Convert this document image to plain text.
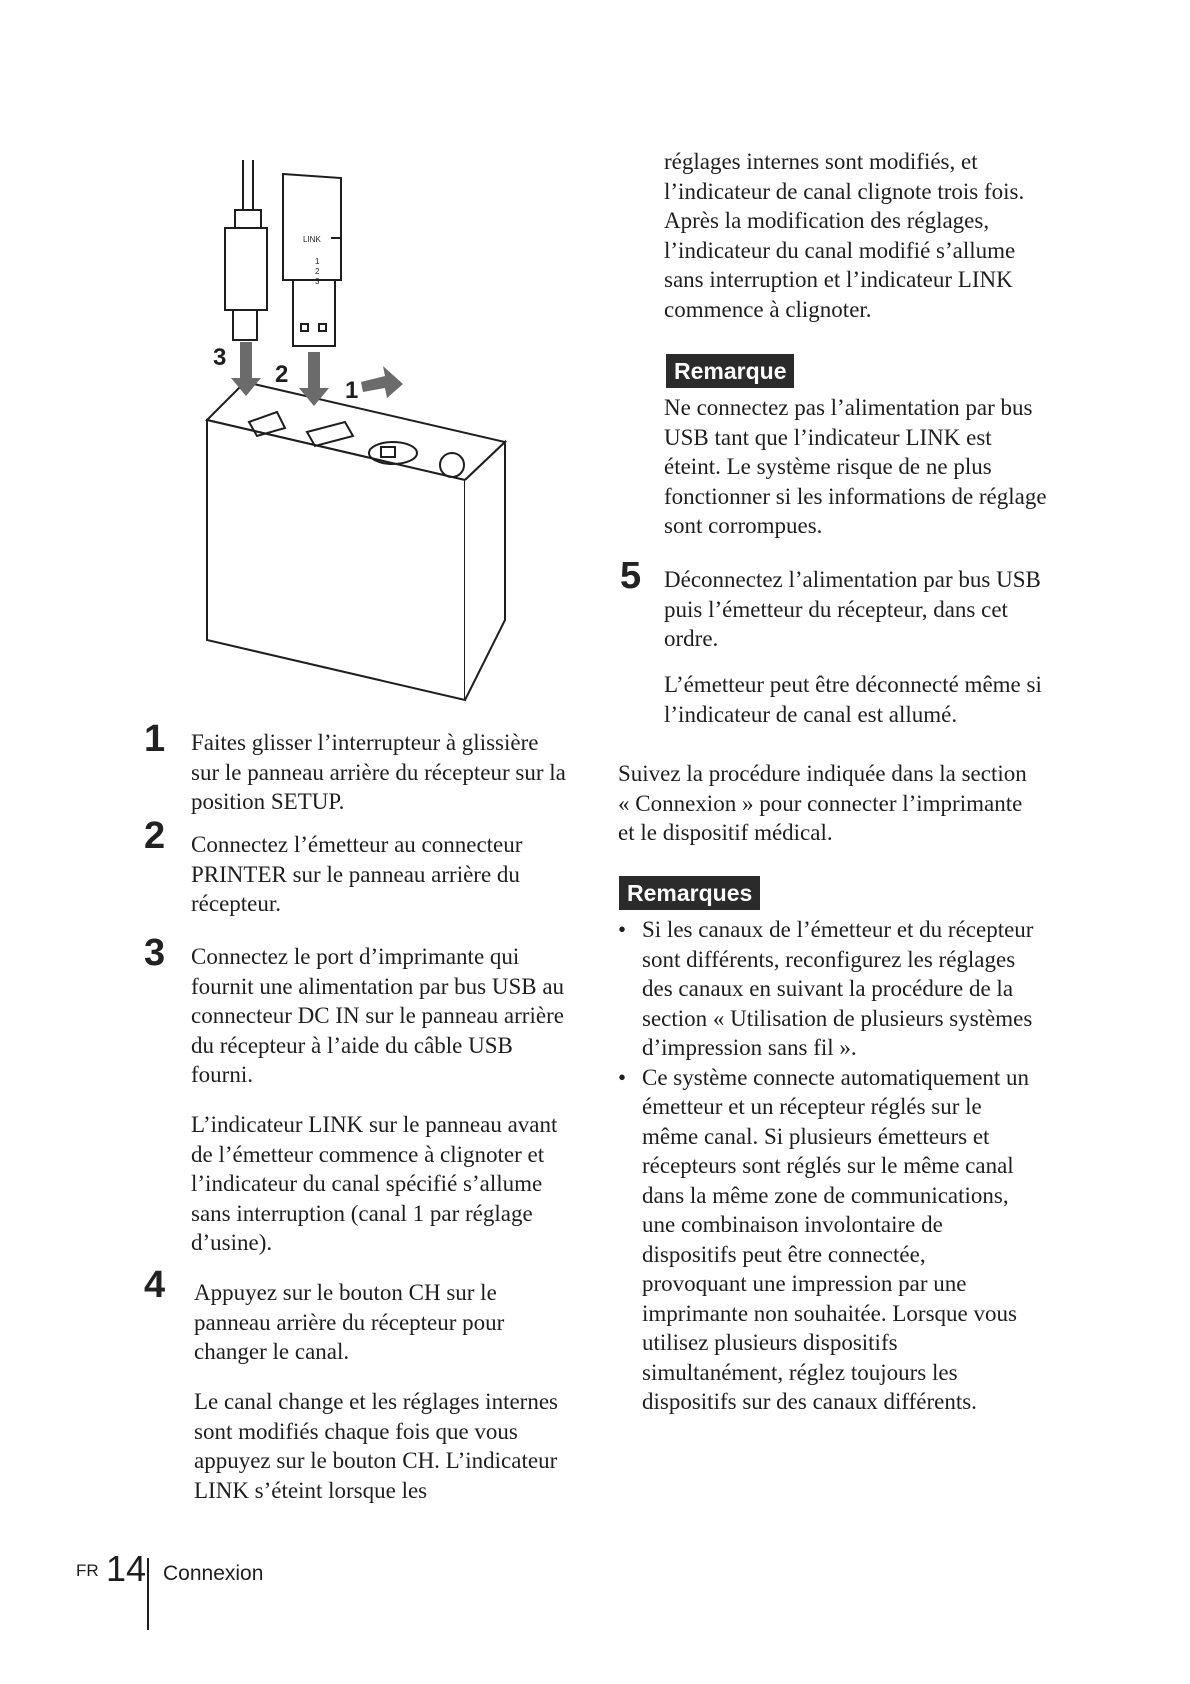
LINK
1
2
3
3
2
1
1 Faites glisser l’interrupteur à glissière sur le panneau arrière du récepteur sur la position SETUP.

2 Connectez l’émetteur au connecteur PRINTER sur le panneau arrière du récepteur.

3 Connectez le port d’imprimante qui fournit une alimentation par bus USB au connecteur DC IN sur le panneau arrière du récepteur à l’aide du câble USB fourni.

L’indicateur LINK sur le panneau avant de l’émetteur commence à clignoter et l’indicateur du canal spécifié s’allume sans interruption (canal 1 par réglage d’usine).

4 Appuyez sur le bouton CH sur le panneau arrière du récepteur pour changer le canal.

Le canal change et les réglages internes sont modifiés chaque fois que vous appuyez sur le bouton CH. L’indicateur LINK s’éteint lorsque les

réglages internes sont modifiés, et l’indicateur de canal clignote trois fois. Après la modification des réglages, l’indicateur du canal modifié s’allume sans interruption et l’indicateur LINK commence à clignoter.

Remarque

Ne connectez pas l’alimentation par bus USB tant que l’indicateur LINK est éteint. Le système risque de ne plus fonctionner si les informations de réglage sont corrompues.

5 Déconnectez l’alimentation par bus USB puis l’émetteur du récepteur, dans cet ordre.

L’émetteur peut être déconnecté même si l’indicateur de canal est allumé.

Suivez la procédure indiquée dans la section « Connexion » pour connecter l’imprimante et le dispositif médical.

Remarques
• Si les canaux de l’émetteur et du récepteur sont différents, reconfigurez les réglages des canaux en suivant la procédure de la section « Utilisation de plusieurs systèmes d’impression sans fil ».
• Ce système connecte automatiquement un émetteur et un récepteur réglés sur le même canal. Si plusieurs émetteurs et récepteurs sont réglés sur le même canal dans la même zone de communications, une combinaison involontaire de dispositifs peut être connectée, provoquant une impression par une imprimante non souhaitée. Lorsque vous utilisez plusieurs dispositifs simultanément, réglez toujours les dispositifs sur des canaux différents.
FR 14 Connexion
